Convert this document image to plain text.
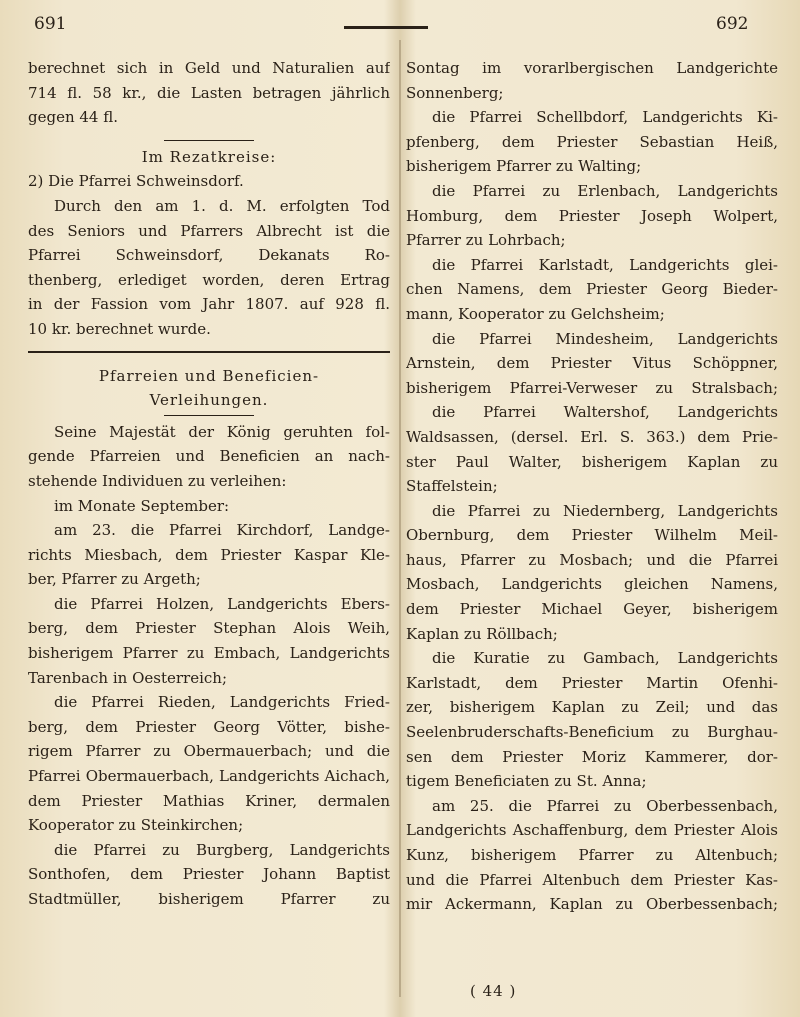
691	692
berechnet sich in Geld und Naturalien auf
714 fl. 58 kr., die Lasten betragen jährlich
gegen 44 fl.
Im Rezatkreise:
2) Die Pfarrei Schweinsdorf.
Durch den am 1. d. M. erfolgten Tod
des Seniors und Pfarrers Albrecht ist die
Pfarrei Schweinsdorf, Dekanats Ro-
thenberg, erlediget worden, deren Ertrag
in der Fassion vom Jahr 1807. auf 928 fl.
10 kr. berechnet wurde.
Pfarreien und Beneficien-
Verleihungen.
Seine Majestät der König geruhten fol-
gende Pfarreien und Beneficien an nach-
stehende Individuen zu verleihen:
im Monate September:
am 23. die Pfarrei Kirchdorf, Landge-
richts Miesbach, dem Priester Kaspar Kle-
ber, Pfarrer zu Argeth;
die Pfarrei Holzen, Landgerichts Ebers-
berg, dem Priester Stephan Alois Weih,
bisherigem Pfarrer zu Embach, Landgerichts
Tarenbach in Oesterreich;
die Pfarrei Rieden, Landgerichts Fried-
berg, dem Priester Georg Vötter, bishe-
rigem Pfarrer zu Obermauerbach; und die
Pfarrei Obermauerbach, Landgerichts Aichach,
dem Priester Mathias Kriner, dermalen
Kooperator zu Steinkirchen;
die Pfarrei zu Burgberg, Landgerichts
Sonthofen, dem Priester Johann Baptist
Stadtmüller, bisherigem Pfarrer zu
Sontag im vorarlbergischen Landgerichte
Sonnenberg;
die Pfarrei Schellbdorf, Landgerichts Ki-
pfenberg, dem Priester Sebastian Heiß,
bisherigem Pfarrer zu Walting;
die Pfarrei zu Erlenbach, Landgerichts
Homburg, dem Priester Joseph Wolpert,
Pfarrer zu Lohrbach;
die Pfarrei Karlstadt, Landgerichts glei-
chen Namens, dem Priester Georg Bieder-
mann, Kooperator zu Gelchsheim;
die Pfarrei Mindesheim, Landgerichts
Arnstein, dem Priester Vitus Schöppner,
bisherigem Pfarrei-Verweser zu Stralsbach;
die Pfarrei Waltershof, Landgerichts
Waldsassen, (dersel. Erl. S. 363.) dem Prie-
ster Paul Walter, bisherigem Kaplan zu
Staffelstein;
die Pfarrei zu Niedernberg, Landgerichts
Obernburg, dem Priester Wilhelm Meil-
haus, Pfarrer zu Mosbach; und die Pfarrei
Mosbach, Landgerichts gleichen Namens,
dem Priester Michael Geyer, bisherigem
Kaplan zu Röllbach;
die Kuratie zu Gambach, Landgerichts
Karlstadt, dem Priester Martin Ofenhi-
zer, bisherigem Kaplan zu Zeil; und das
Seelenbruderschafts-Beneficium zu Burghau-
sen dem Priester Moriz Kammerer, dor-
tigem Beneficiaten zu St. Anna;
am 25. die Pfarrei zu Oberbessenbach,
Landgerichts Aschaffenburg, dem Priester Alois
Kunz, bisherigem Pfarrer zu Altenbuch;
und die Pfarrei Altenbuch dem Priester Kas-
mir Ackermann, Kaplan zu Oberbessenbach;
( 44 )
